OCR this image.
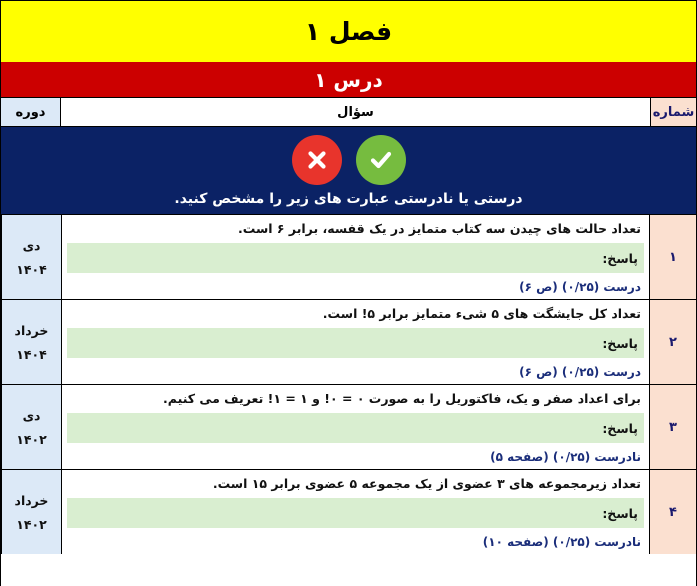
فصل ۱
درس ۱
شماره
سؤال
دوره
درستی یا نادرستی عبارت های زیر را مشخص کنید.
۱
تعداد حالت های چیدن سه کتاب متمایز در یک قفسه، برابر ۶ است.
پاسخ:
درست (۰/۲۵) (ص ۶)
دی
۱۴۰۴
۲
تعداد کل جایشگت های ۵ شیء متمایز برابر ‎!۵‎ است.
پاسخ:
درست (۰/۲۵) (ص ۶)
خرداد
۱۴۰۴
۳
برای اعداد صفر و یک، فاکتوریل را به صورت ۰ = ‎!۰‎ و ۱ = ‎!۱‎ تعریف می کنیم.
پاسخ:
نادرست (۰/۲۵) (صفحه ۵)
دی
۱۴۰۲
۴
تعداد زیرمجموعه های ۳ عضوی از یک مجموعه ۵ عضوی برابر ۱۵ است.
پاسخ:
نادرست (۰/۲۵) (صفحه ۱۰)
خرداد
۱۴۰۲
